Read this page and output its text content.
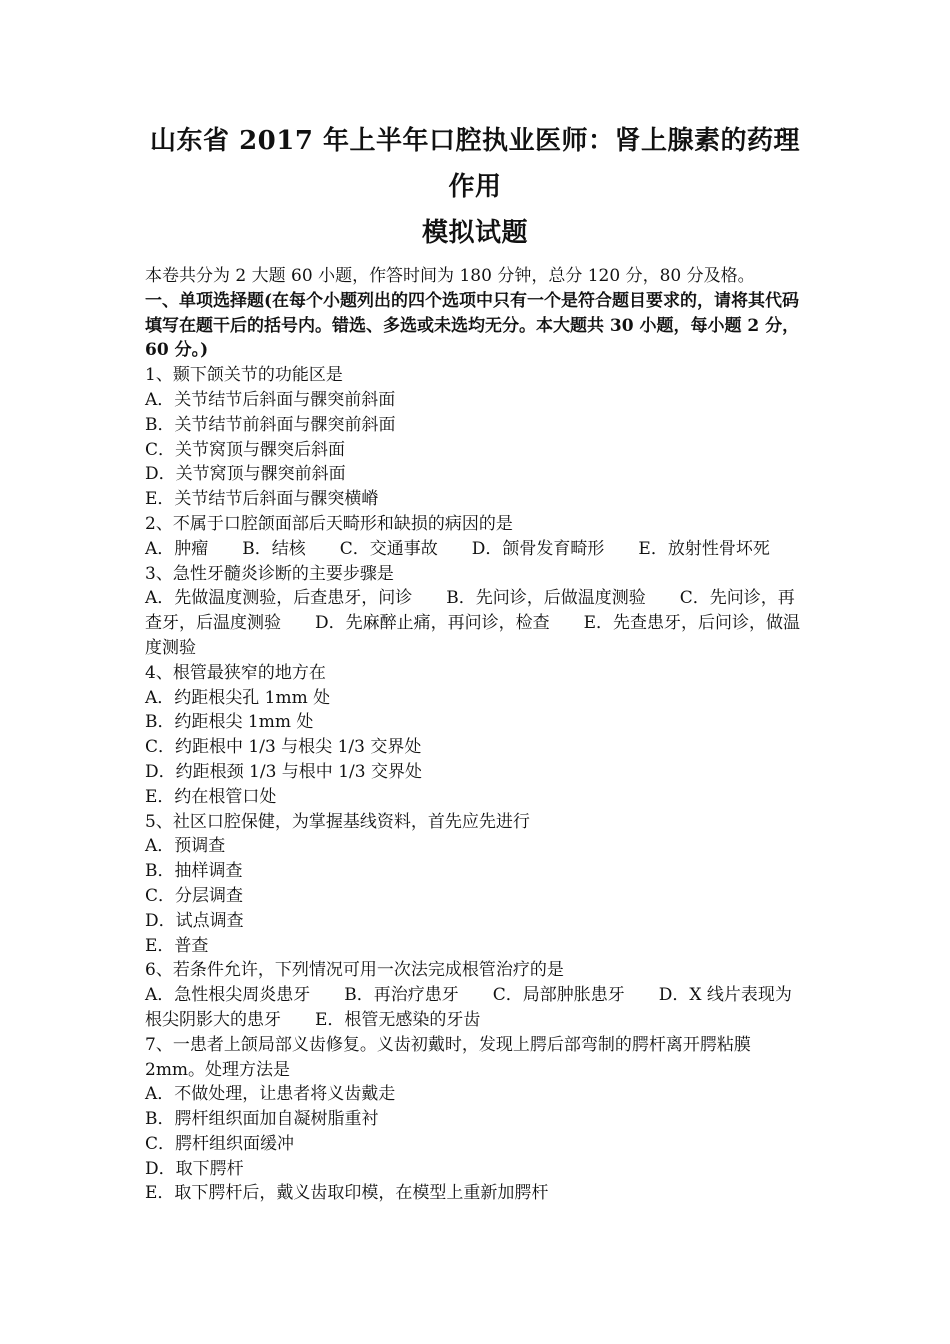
山东省 2017 年上半年口腔执业医师：肾上腺素的药理作用
模拟试题

本卷共分为 2 大题 60 小题，作答时间为 180 分钟，总分 120 分，80 分及格。

一、单项选择题(在每个小题列出的四个选项中只有一个是符合题目要求的，请将其代码填写在题干后的括号内。错选、多选或未选均无分。本大题共 30 小题，每小题 2 分，60 分。)

1、颞下颌关节的功能区是

A．关节结节后斜面与髁突前斜面

B．关节结节前斜面与髁突前斜面

C．关节窝顶与髁突后斜面

D．关节窝顶与髁突前斜面

E．关节结节后斜面与髁突横嵴

2、不属于口腔颌面部后天畸形和缺损的病因的是

A．肿瘤　　B．结核　　C．交通事故　　D．颌骨发育畸形　　E．放射性骨坏死

3、急性牙髓炎诊断的主要步骤是

A．先做温度测验，后查患牙，问诊　　B．先问诊，后做温度测验　　C．先问诊，再查牙，后温度测验　　D．先麻醉止痛，再问诊，检查　　E．先查患牙，后问诊，做温度测验

4、根管最狭窄的地方在

A．约距根尖孔 1mm 处

B．约距根尖 1mm 处

C．约距根中 1/3 与根尖 1/3 交界处

D．约距根颈 1/3 与根中 1/3 交界处

E．约在根管口处

5、社区口腔保健，为掌握基线资料，首先应先进行

A．预调查

B．抽样调查

C．分层调查

D．试点调查

E．普查

6、若条件允许，下列情况可用一次法完成根管治疗的是

A．急性根尖周炎患牙　　B．再治疗患牙　　C．局部肿胀患牙　　D．X 线片表现为根尖阴影大的患牙　　E．根管无感染的牙齿

7、一患者上颌局部义齿修复。义齿初戴时，发现上腭后部弯制的腭杆离开腭粘膜 2mm。处理方法是

A．不做处理，让患者将义齿戴走

B．腭杆组织面加自凝树脂重衬

C．腭杆组织面缓冲

D．取下腭杆

E．取下腭杆后，戴义齿取印模，在模型上重新加腭杆
